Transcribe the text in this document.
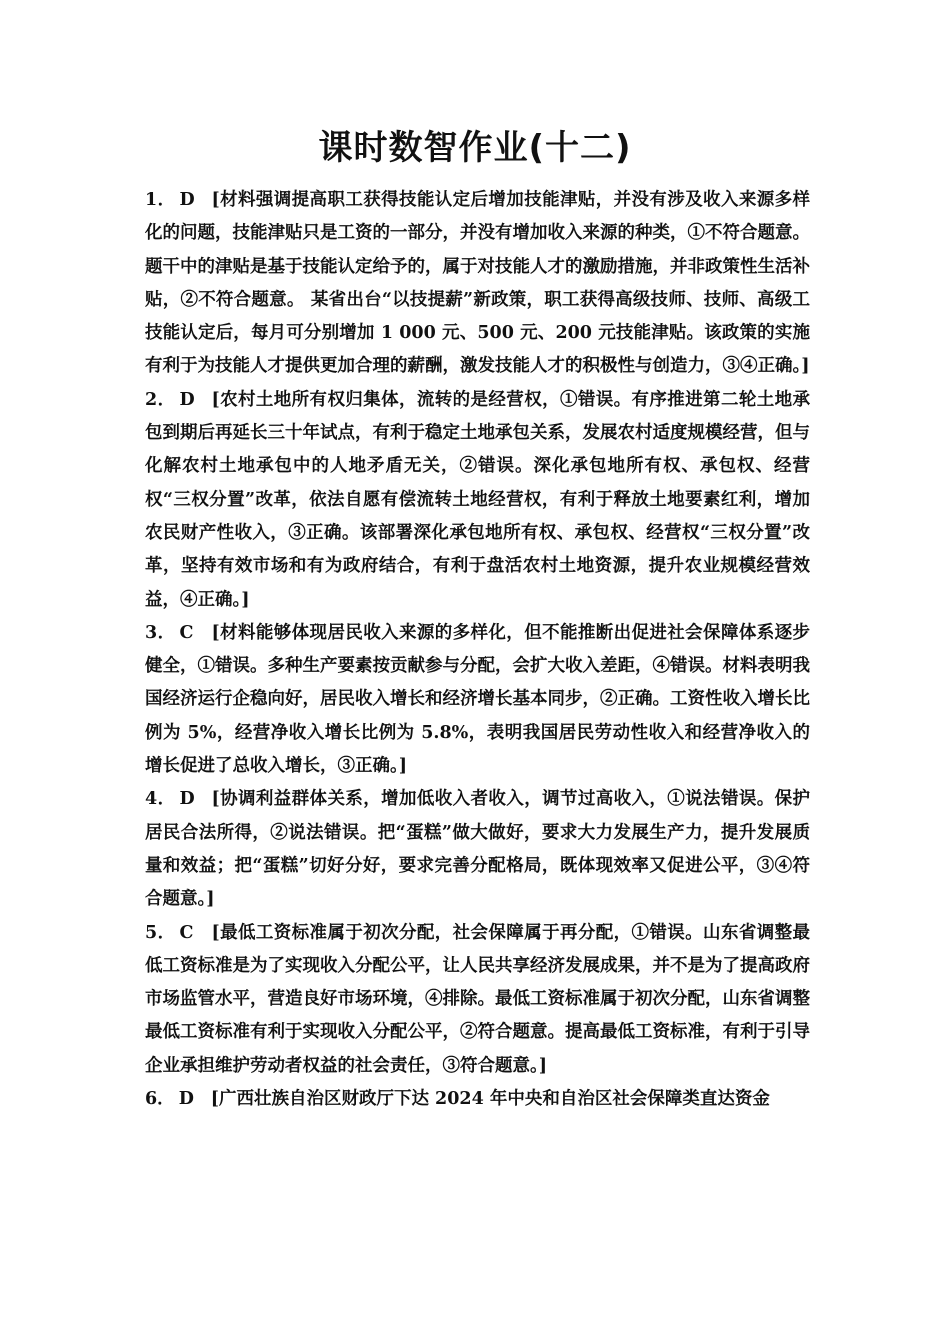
课时数智作业(十二)

1． D [材料强调提高职工获得技能认定后增加技能津贴，并没有涉及收入来源多样化的问题，技能津贴只是工资的一部分，并没有增加收入来源的种类，①不符合题意。 题干中的津贴是基于技能认定给予的，属于对技能人才的激励措施，并非政策性生活补贴，②不符合题意。 某省出台“以技提薪”新政策，职工获得高级技师、技师、高级工技能认定后，每月可分别增加 1 000 元、500 元、200 元技能津贴。该政策的实施有利于为技能人才提供更加合理的薪酬，激发技能人才的积极性与创造力，③④正确。]

2． D [农村土地所有权归集体，流转的是经营权，①错误。有序推进第二轮土地承包到期后再延长三十年试点，有利于稳定土地承包关系，发展农村适度规模经营，但与化解农村土地承包中的人地矛盾无关，②错误。深化承包地所有权、承包权、经营权“三权分置”改革，依法自愿有偿流转土地经营权，有利于释放土地要素红利，增加农民财产性收入，③正确。该部署深化承包地所有权、承包权、经营权“三权分置”改革，坚持有效市场和有为政府结合，有利于盘活农村土地资源，提升农业规模经营效益，④正确。]

3． C [材料能够体现居民收入来源的多样化，但不能推断出促进社会保障体系逐步健全，①错误。多种生产要素按贡献参与分配，会扩大收入差距，④错误。材料表明我国经济运行企稳向好，居民收入增长和经济增长基本同步，②正确。工资性收入增长比例为 5%，经营净收入增长比例为 5.8%，表明我国居民劳动性收入和经营净收入的增长促进了总收入增长，③正确。]

4． D [协调利益群体关系，增加低收入者收入，调节过高收入，①说法错误。保护居民合法所得，②说法错误。把“蛋糕”做大做好，要求大力发展生产力，提升发展质量和效益；把“蛋糕”切好分好，要求完善分配格局，既体现效率又促进公平，③④符合题意。]

5． C [最低工资标准属于初次分配，社会保障属于再分配，①错误。山东省调整最低工资标准是为了实现收入分配公平，让人民共享经济发展成果，并不是为了提高政府市场监管水平，营造良好市场环境，④排除。最低工资标准属于初次分配，山东省调整最低工资标准有利于实现收入分配公平，②符合题意。提高最低工资标准，有利于引导企业承担维护劳动者权益的社会责任，③符合题意。]

6． D [广西壮族自治区财政厅下达 2024 年中央和自治区社会保障类直达资金
